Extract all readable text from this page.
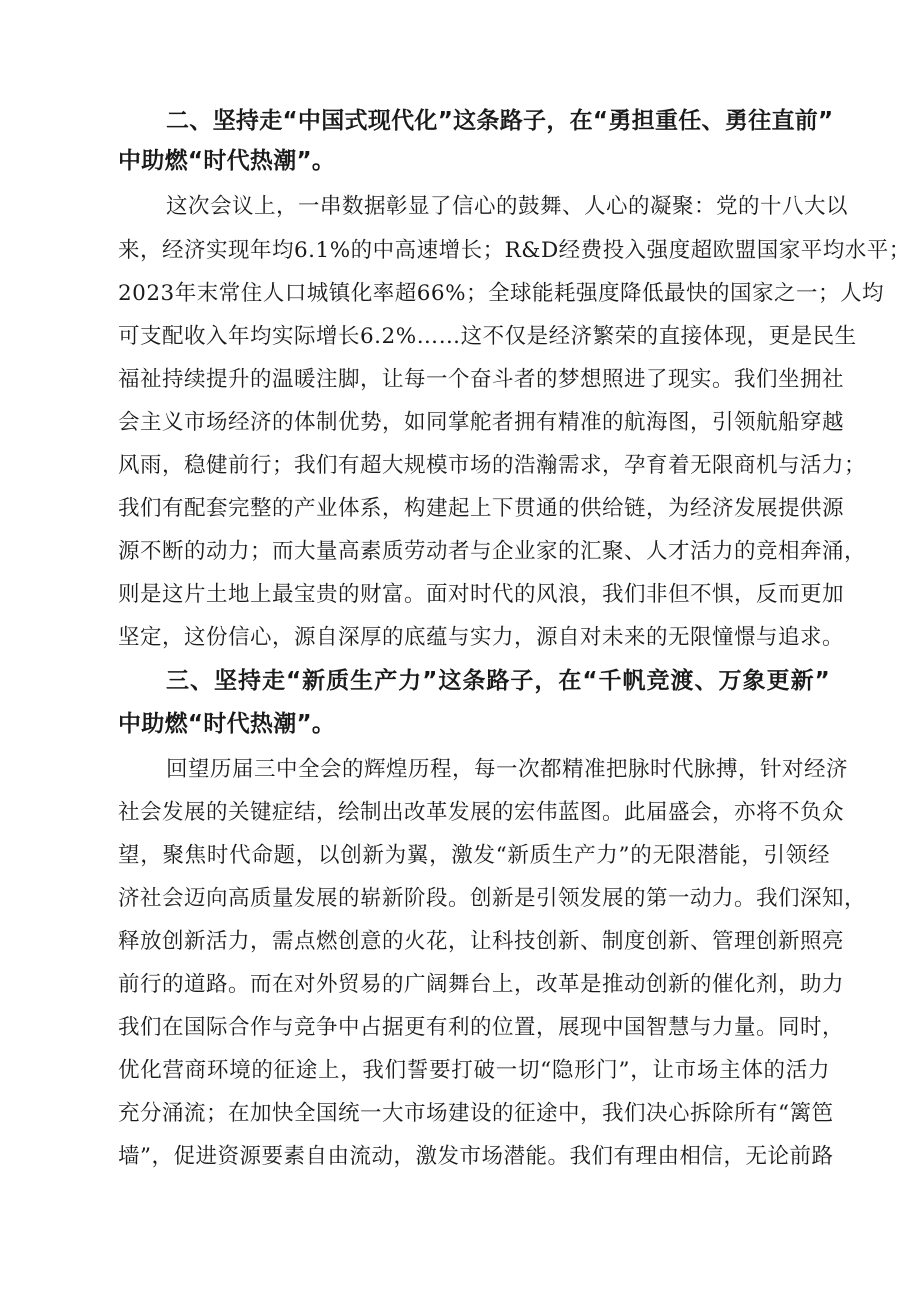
二、坚持走“中国式现代化”这条路子，在“勇担重任、勇往直前”

中助燃“时代热潮”。

这次会议上，一串数据彰显了信心的鼓舞、人心的凝聚：党的十八大以

来，经济实现年均6.1%的中高速增长；R&D经费投入强度超欧盟国家平均水平；

2023年末常住人口城镇化率超66%；全球能耗强度降低最快的国家之一；人均

可支配收入年均实际增长6.2%……这不仅是经济繁荣的直接体现，更是民生

福祉持续提升的温暖注脚，让每一个奋斗者的梦想照进了现实。我们坐拥社

会主义市场经济的体制优势，如同掌舵者拥有精准的航海图，引领航船穿越

风雨，稳健前行；我们有超大规模市场的浩瀚需求，孕育着无限商机与活力；

我们有配套完整的产业体系，构建起上下贯通的供给链，为经济发展提供源

源不断的动力；而大量高素质劳动者与企业家的汇聚、人才活力的竞相奔涌，

则是这片土地上最宝贵的财富。面对时代的风浪，我们非但不惧，反而更加

坚定，这份信心，源自深厚的底蕴与实力，源自对未来的无限憧憬与追求。

三、坚持走“新质生产力”这条路子，在“千帆竞渡、万象更新”

中助燃“时代热潮”。

回望历届三中全会的辉煌历程，每一次都精准把脉时代脉搏，针对经济

社会发展的关键症结，绘制出改革发展的宏伟蓝图。此届盛会，亦将不负众

望，聚焦时代命题，以创新为翼，激发“新质生产力”的无限潜能，引领经

济社会迈向高质量发展的崭新阶段。创新是引领发展的第一动力。我们深知，

释放创新活力，需点燃创意的火花，让科技创新、制度创新、管理创新照亮

前行的道路。而在对外贸易的广阔舞台上，改革是推动创新的催化剂，助力

我们在国际合作与竞争中占据更有利的位置，展现中国智慧与力量。同时，

优化营商环境的征途上，我们誓要打破一切“隐形门”，让市场主体的活力

充分涌流；在加快全国统一大市场建设的征途中，我们决心拆除所有“篱笆

墙”，促进资源要素自由流动，激发市场潜能。我们有理由相信，无论前路
